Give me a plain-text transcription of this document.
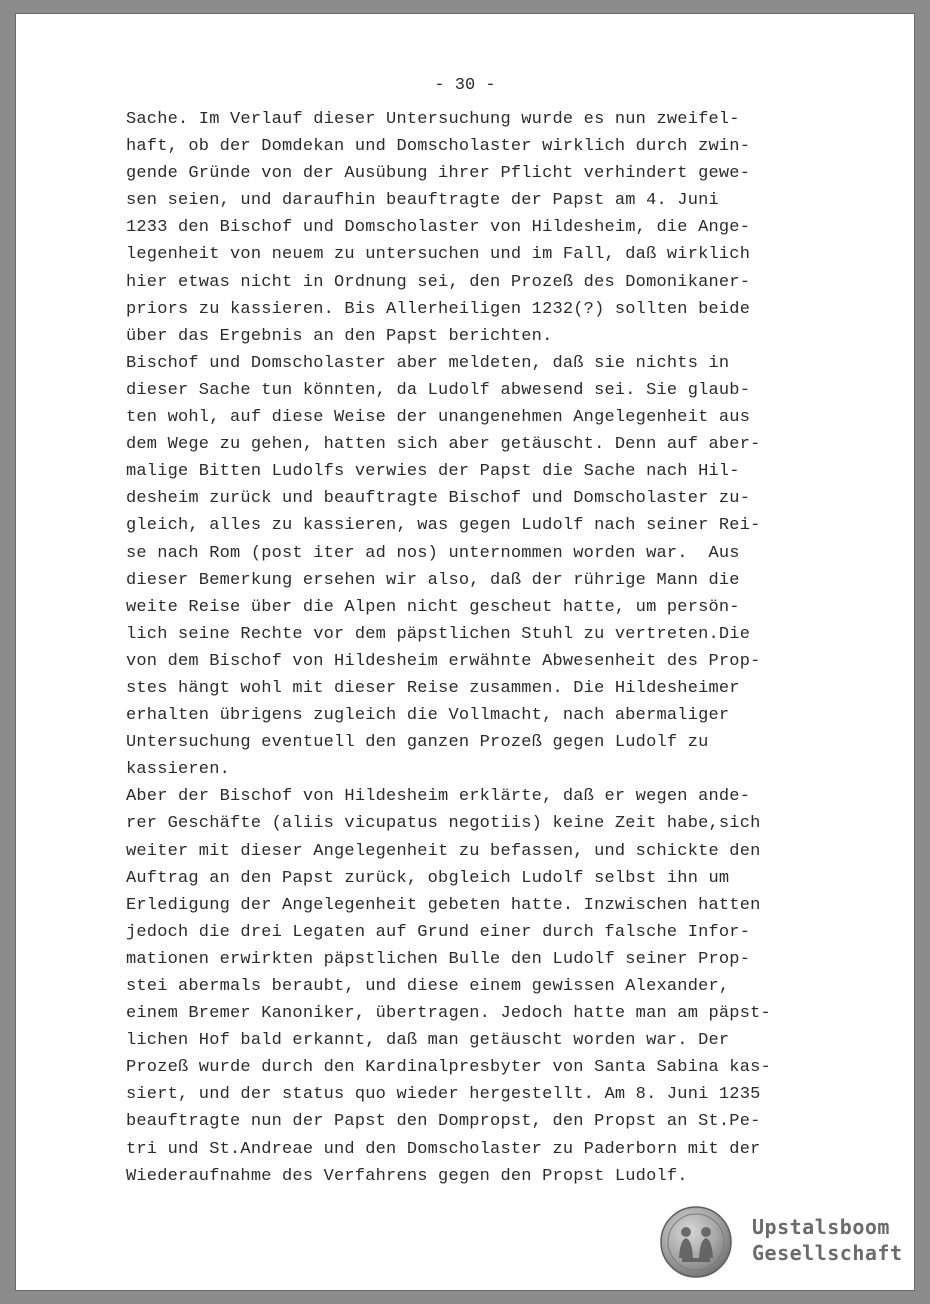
- 30 -
Sache. Im Verlauf dieser Untersuchung wurde es nun zweifel-
haft, ob der Domdekan und Domscholaster wirklich durch zwin-
gende Gründe von der Ausübung ihrer Pflicht verhindert gewe-
sen seien, und daraufhin beauftragte der Papst am 4. Juni
1233 den Bischof und Domscholaster von Hildesheim, die Ange-
legenheit von neuem zu untersuchen und im Fall, daß wirklich
hier etwas nicht in Ordnung sei, den Prozeß des Domonikaner-
priors zu kassieren. Bis Allerheiligen 1232(?) sollten beide
über das Ergebnis an den Papst berichten.
Bischof und Domscholaster aber meldeten, daß sie nichts in
dieser Sache tun könnten, da Ludolf abwesend sei. Sie glaub-
ten wohl, auf diese Weise der unangenehmen Angelegenheit aus
dem Wege zu gehen, hatten sich aber getäuscht. Denn auf aber-
malige Bitten Ludolfs verwies der Papst die Sache nach Hil-
desheim zurück und beauftragte Bischof und Domscholaster zu-
gleich, alles zu kassieren, was gegen Ludolf nach seiner Rei-
se nach Rom (post iter ad nos) unternommen worden war.  Aus
dieser Bemerkung ersehen wir also, daß der rührige Mann die
weite Reise über die Alpen nicht gescheut hatte, um persön-
lich seine Rechte vor dem päpstlichen Stuhl zu vertreten.Die
von dem Bischof von Hildesheim erwähnte Abwesenheit des Prop-
stes hängt wohl mit dieser Reise zusammen. Die Hildesheimer
erhalten übrigens zugleich die Vollmacht, nach abermaliger
Untersuchung eventuell den ganzen Prozeß gegen Ludolf zu
kassieren.
Aber der Bischof von Hildesheim erklärte, daß er wegen ande-
rer Geschäfte (aliis vicupatus negotiis) keine Zeit habe,sich
weiter mit dieser Angelegenheit zu befassen, und schickte den
Auftrag an den Papst zurück, obgleich Ludolf selbst ihn um
Erledigung der Angelegenheit gebeten hatte. Inzwischen hatten
jedoch die drei Legaten auf Grund einer durch falsche Infor-
mationen erwirkten päpstlichen Bulle den Ludolf seiner Prop-
stei abermals beraubt, und diese einem gewissen Alexander,
einem Bremer Kanoniker, übertragen. Jedoch hatte man am päpst-
lichen Hof bald erkannt, daß man getäuscht worden war. Der
Prozeß wurde durch den Kardinalpresbyter von Santa Sabina kas-
siert, und der status quo wieder hergestellt. Am 8. Juni 1235
beauftragte nun der Papst den Dompropst, den Propst an St.Pe-
tri und St.Andreae und den Domscholaster zu Paderborn mit der
Wiederaufnahme des Verfahrens gegen den Propst Ludolf.
Upstalsboom
Gesellschaft
